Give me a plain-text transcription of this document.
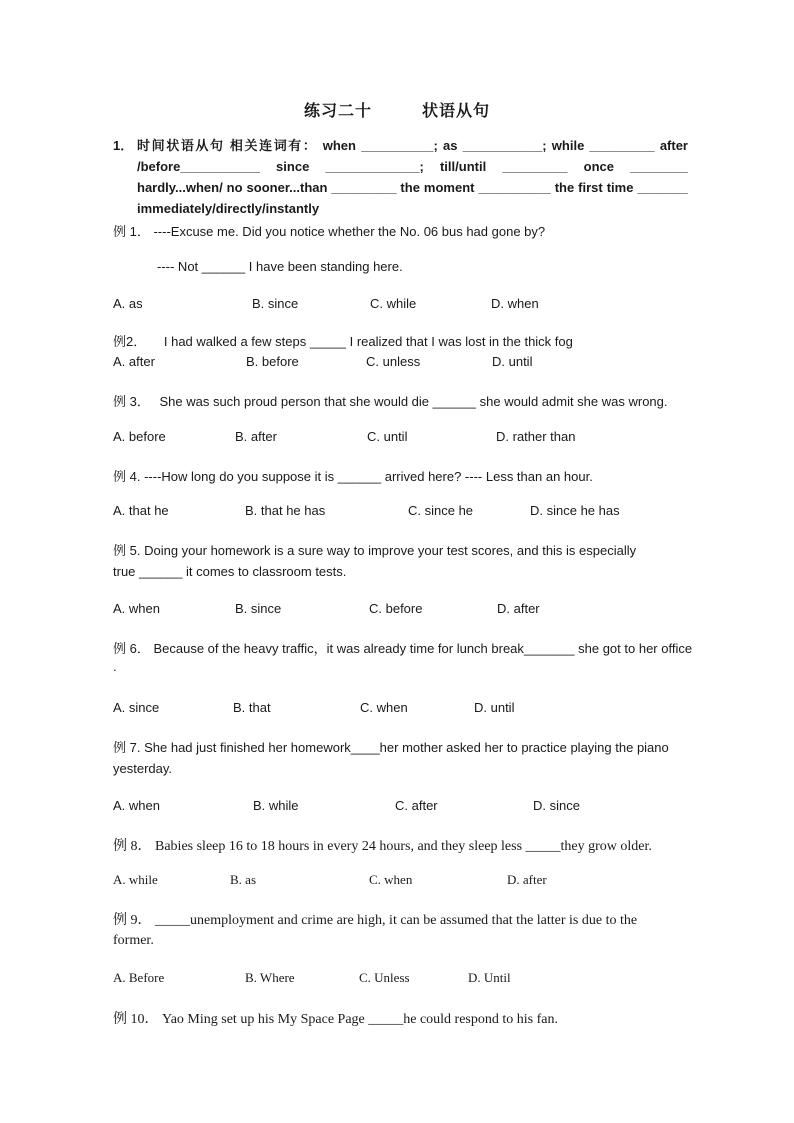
练习二十	状语从句
1． 时间状语从句 相关连词有： when __________; as ___________; while _________ after /before___________ since _____________; till/until _________ once ________ hardly...when/ no sooner...than _________ the moment __________ the first time _______ immediately/directly/instantly
例 1． ----Excuse me. Did you notice whether the No. 06 bus had gone by?
---- Not ______ I have been standing here.
A. as	B. since	C. while	D. when
例2． I had walked a few steps _____ I realized that I was lost in the thick fog
A. after	B. before	C. unless	D. until
例 3． She was such proud person that she would die ______ she would admit she was wrong.
A. before	B. after	C. until	D. rather than
例 4. ----How long do you suppose it is ______ arrived here? ---- Less than an hour.
A. that he	B. that he has	C. since he	D. since he has
例 5. Doing your homework is a sure way to improve your test scores, and this is especially
true ______ it comes to classroom tests.
A. when	B. since	C. before	D. after
例 6． Because of the heavy traffic，it was already time for lunch break_______ she got to her office
.
A. since	B. that	C. when	D. until
例 7. She had just finished her homework____her mother asked her to practice playing the piano
yesterday.
A. when	B. while	C. after	D. since
例 8． Babies sleep 16 to 18 hours in every 24 hours, and they sleep less _____they grow older.
A. while	B. as	C. when	D. after
例 9． _____unemployment and crime are high, it can be assumed that the latter is due to the
former.
A. Before	B. Where	C. Unless	D. Until
例 10． Yao Ming set up his My Space Page _____he could respond to his fan.
